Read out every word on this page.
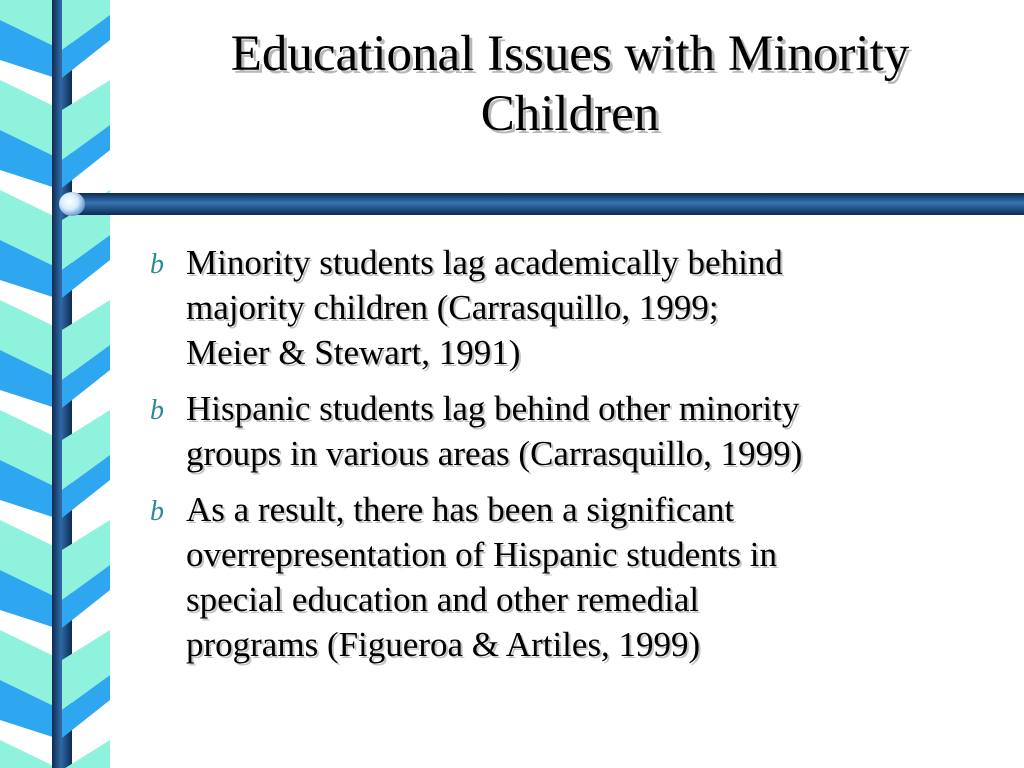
Educational Issues with Minority
Children
b Minority students lag academically behind
majority children (Carrasquillo, 1999;
Meier & Stewart, 1991)
b Hispanic students lag behind other minority
groups in various areas (Carrasquillo, 1999)
b As a result, there has been a significant
overrepresentation of Hispanic students in
special education and other remedial
programs (Figueroa & Artiles, 1999)
